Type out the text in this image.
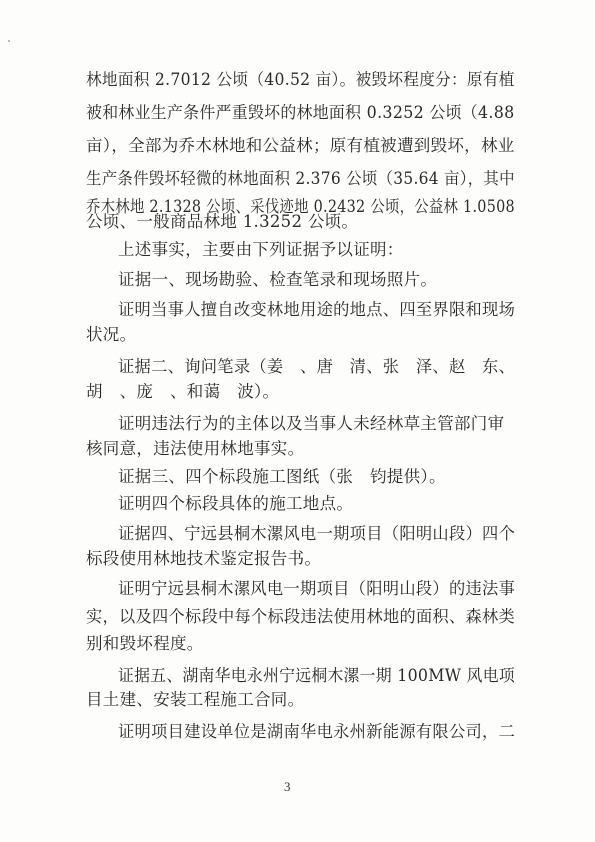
林地面积 2.7012 公顷（40.52 亩）。被毁坏程度分：原有植
被和林业生产条件严重毁坏的林地面积 0.3252 公顷（4.88
亩），全部为乔木林地和公益林；原有植被遭到毁坏，林业
生产条件毁坏轻微的林地面积 2.376 公顷（35.64 亩），其中
乔木林地 2.1328 公顷、采伐迹地 0.2432 公顷，公益林 1.0508
公顷、一般商品林地 1.3252 公顷。
上述事实，主要由下列证据予以证明：
证据一、现场勘验、检查笔录和现场照片。
证明当事人擅自改变林地用途的地点、四至界限和现场
状况。
证据二、询问笔录（姜　、唐　清、张　泽、赵　东、
胡　、庞　、和蔼　波）。
证明违法行为的主体以及当事人未经林草主管部门审
核同意，违法使用林地事实。
证据三、四个标段施工图纸（张　钧提供）。
证明四个标段具体的施工地点。
证据四、宁远县桐木漯风电一期项目（阳明山段）四个
标段使用林地技术鉴定报告书。
证明宁远县桐木漯风电一期项目（阳明山段）的违法事
实，以及四个标段中每个标段违法使用林地的面积、森林类
别和毁坏程度。
证据五、湖南华电永州宁远桐木漯一期 100MW 风电项
目土建、安装工程施工合同。
证明项目建设单位是湖南华电永州新能源有限公司，二
3
